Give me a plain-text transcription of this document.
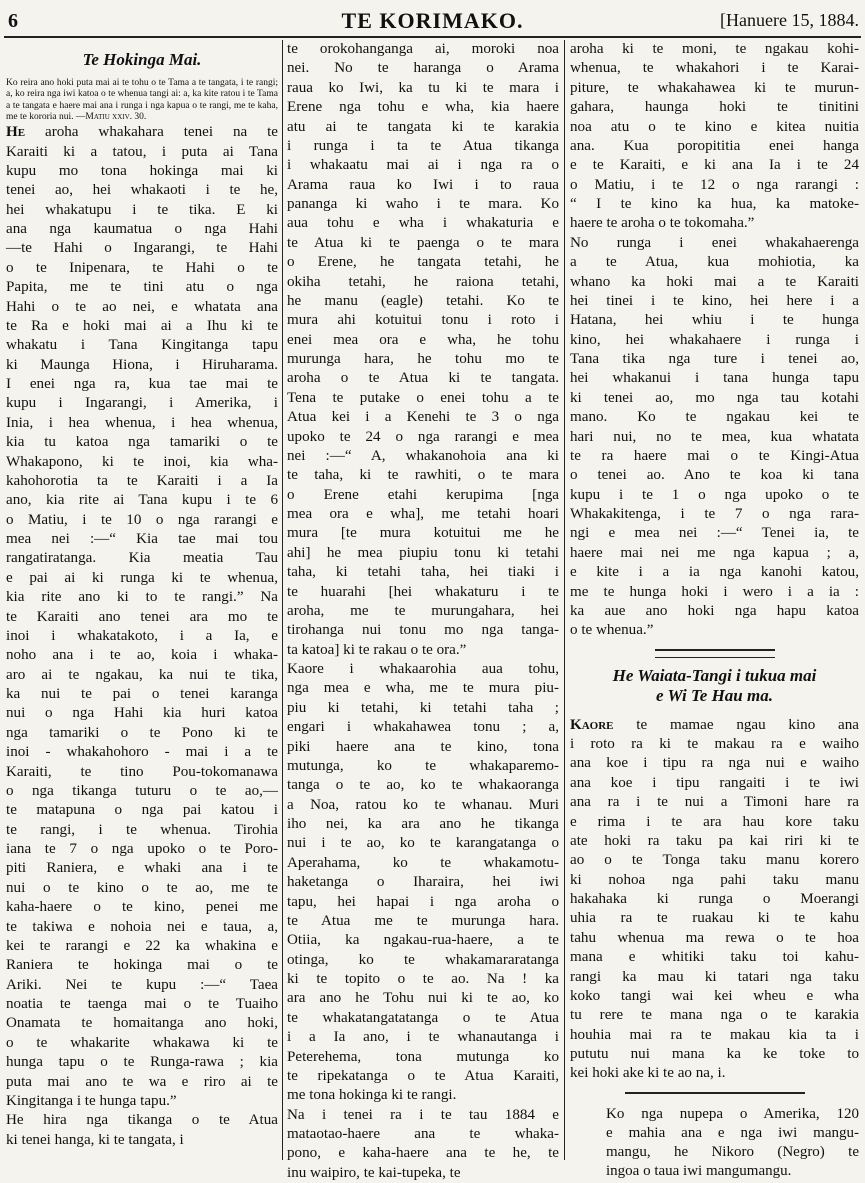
6	TE KORIMAKO.	[Hanuere 15, 1884.
Te Hokinga Mai.

Ko reira ano hoki puta mai ai te tohu o te Tama a te tangata, i te rangi; a, ko reira nga iwi katoa o te whenua tangi ai: a, ka kite ratou i te Tama a te tangata e haere mai ana i runga i nga kapua o te rangi, me te kaha, me te kororia nui. —Matiu xxiv. 30.

He aroha whakahara tenei na te
Karaiti ki a tatou, i puta ai Tana
kupu mo tona hokinga mai ki
tenei ao, hei whakaoti i te he,
hei whakatupu i te tika. E ki
ana nga kaumatua o nga Hahi
—te Hahi o Ingarangi, te Hahi
o te Inipenara, te Hahi o te
Papita, me te tini atu o nga
Hahi o te ao nei, e whatata ana
te Ra e hoki mai ai a Ihu ki te
whakatu i Tana Kingitanga tapu
ki Maunga Hiona, i Hiruharama.
I enei nga ra, kua tae mai te
kupu i Ingarangi, i Amerika, i
Inia, i hea whenua, i hea whenua,
kia tu katoa nga tamariki o te
Whakapono, ki te inoi, kia wha-
kahohorotia ta te Karaiti i a Ia
ano, kia rite ai Tana kupu i te 6
o Matiu, i te 10 o nga rarangi e
mea nei :—“ Kia tae mai tou
rangatiratanga. Kia meatia Tau
e pai ai ki runga ki te whenua,
kia rite ano ki to te rangi.” Na
te Karaiti ano tenei ara mo te
inoi i whakatakoto, i a Ia, e
noho ana i te ao, koia i whaka-
aro ai te ngakau, ka nui te tika,
ka nui te pai o tenei karanga
nui o nga Hahi kia huri katoa
nga tamariki o te Pono ki te
inoi - whakahohoro - mai i a te
Karaiti, te tino Pou-tokomanawa
o nga tikanga tuturu o te ao,—
te matapuna o nga pai katou i
te rangi, i te whenua. Tirohia
iana te 7 o nga upoko o te Poro-
piti Raniera, e whaki ana i te
nui o te kino o te ao, me te
kaha-haere o te kino, penei me
te takiwa e nohoia nei e taua, a,
kei te rarangi e 22 ka whakina e
Raniera te hokinga mai o te
Ariki. Nei te kupu :—“ Taea
noatia te taenga mai o te Tuaiho
Onamata te homaitanga ano hoki,
o te whakarite whakawa ki te
hunga tapu o te Runga-rawa ; kia
puta mai ano te wa e riro ai te
Kingitanga i te hunga tapu.”
He hira nga tikanga o te Atua
ki tenei hanga, ki te tangata, i
te orokohanganga ai, moroki noa
nei. No te haranga o Arama
raua ko Iwi, ka tu ki te mara i
Erene nga tohu e wha, kia haere
atu ai te tangata ki te karakia
i runga i ta te Atua tikanga
i whakaatu mai ai i nga ra o
Arama raua ko Iwi i to raua
pananga ki waho i te mara. Ko
aua tohu e wha i whakaturia e
te Atua ki te paenga o te mara
o Erene, he tangata tetahi, he
okiha tetahi, he raiona tetahi,
he manu (eagle) tetahi. Ko te
mura ahi kotuitui tonu i roto i
enei mea ora e wha, he tohu
murunga hara, he tohu mo te
aroha o te Atua ki te tangata.
Tena te putake o enei tohu a te
Atua kei i a Kenehi te 3 o nga
upoko te 24 o nga rarangi e mea
nei :—“ A, whakanohoia ana ki
te taha, ki te rawhiti, o te mara
o Erene etahi kerupima [nga
mea ora e wha], me tetahi hoari
mura [te mura kotuitui me he
ahi] he mea piupiu tonu ki tetahi
taha, ki tetahi taha, hei tiaki i
te huarahi [hei whakaturu i te
aroha, me te murungahara, hei
tirohanga nui tonu mo nga tanga-
ta katoa] ki te rakau o te ora.”
Kaore i whakaarohia aua tohu,
nga mea e wha, me te mura piu-
piu ki tetahi, ki tetahi taha ;
engari i whakahawea tonu ; a,
piki haere ana te kino, tona
mutunga, ko te whakaparemo-
tanga o te ao, ko te whakaoranga
a Noa, ratou ko te whanau. Muri
iho nei, ka ara ano he tikanga
nui i te ao, ko te karangatanga o
Aperahama, ko te whakamotu-
haketanga o Iharaira, hei iwi
tapu, hei hapai i nga aroha o
te Atua me te murunga hara.
Otiia, ka ngakau-rua-haere, a te
otinga, ko te whakamararatanga
ki te topito o te ao. Na ! ka
ara ano he Tohu nui ki te ao, ko
te whakatangatatanga o te Atua
i a Ia ano, i te whanautanga i
Peterehema, tona mutunga ko
te ripekatanga o te Atua Karaiti,
me tona hokinga ki te rangi.
Na i tenei ra i te tau 1884 e
mataotao-haere ana te whaka-
pono, e kaha-haere ana te he, te
inu waipiro, te kai-tupeka, te
aroha ki te moni, te ngakau kohi-
whenua, te whakahori i te Karai-
piture, te whakahawea ki te murun-
gahara, haunga hoki te tinitini
noa atu o te kino e kitea nuitia
ana. Kua poropititia enei hanga
e te Karaiti, e ki ana Ia i te 24
o Matiu, i te 12 o nga rarangi :
“ I te kino ka hua, ka matoke-
haere te aroha o te tokomaha.”
No runga i enei whakahaerenga
a te Atua, kua mohiotia, ka
whano ka hoki mai a te Karaiti
hei tinei i te kino, hei here i a
Hatana, hei whiu i te hunga
kino, hei whakahaere i runga i
Tana tika nga ture i tenei ao,
hei whakanui i tana hunga tapu
ki tenei ao, mo nga tau kotahi
mano. Ko te ngakau kei te
hari nui, no te mea, kua whatata
te ra haere mai o te Kingi-Atua
o tenei ao. Ano te koa ki tana
kupu i te 1 o nga upoko o te
Whakakitenga, i te 7 o nga rara-
ngi e mea nei :—“ Tenei ia, te
haere mai nei me nga kapua ; a,
e kite i a ia nga kanohi katou,
me te hunga hoki i wero i a ia :
ka aue ano hoki nga hapu katoa
o te whenua.”
He Waiata-Tangi i tukua mai
e Wi Te Hau ma.
Kaore te mamae ngau kino ana
i roto ra ki te makau ra e waiho
ana koe i tipu ra nga nui e waiho
ana koe i tipu rangaiti i te iwi
ana ra i te nui a Timoni hare ra
e rima i te ara hau kore taku
ate hoki ra taku pa kai riri ki te
ao o te Tonga taku manu korero
ki nohoa nga pahi taku manu
hakahaka ki runga o Moerangi
uhia ra te ruakau ki te kahu
tahu whenua ma rewa o te hoa
mana e whitiki taku toi kahu-
rangi ka mau ki tatari nga taku
koko tangi wai kei wheu e wha
tu rere te mana nga o te karakia
houhia mai ra te makau kia ta i
pututu nui mana ka ke toke to
kei hoki ake ki te ao na, i.
Ko nga nupepa o Amerika, 120
e mahia ana e nga iwi mangu-
mangu, he Nikoro (Negro) te
ingoa o taua iwi mangumangu.
